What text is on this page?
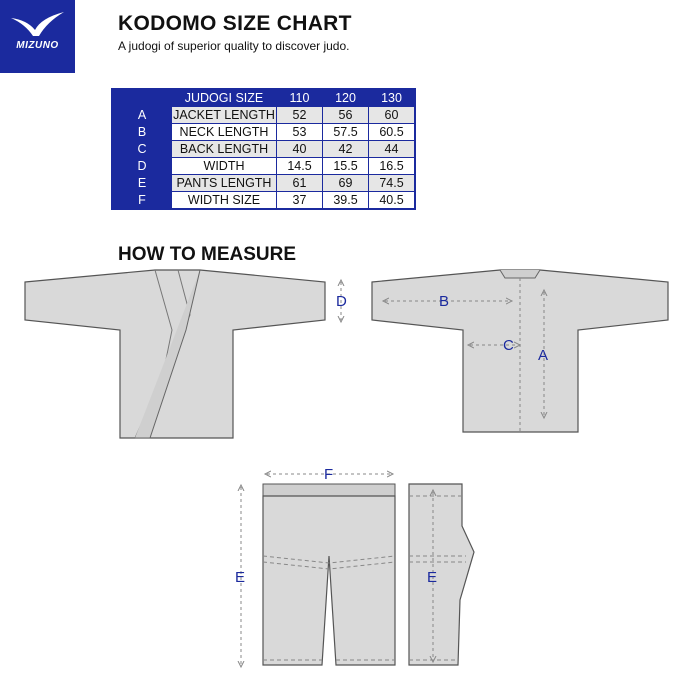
MIZUNO
KODOMO SIZE CHART
A judogi of superior quality to discover judo.
	JUDOGI SIZE	110	120	130
A	JACKET LENGTH	52	56	60
B	NECK LENGTH	53	57.5	60.5
C	BACK LENGTH	40	42	44
D	WIDTH	14.5	15.5	16.5
E	PANTS LENGTH	61	69	74.5
F	WIDTH SIZE	37	39.5	40.5
HOW TO MEASURE
D	B
C
A
F
E	E
